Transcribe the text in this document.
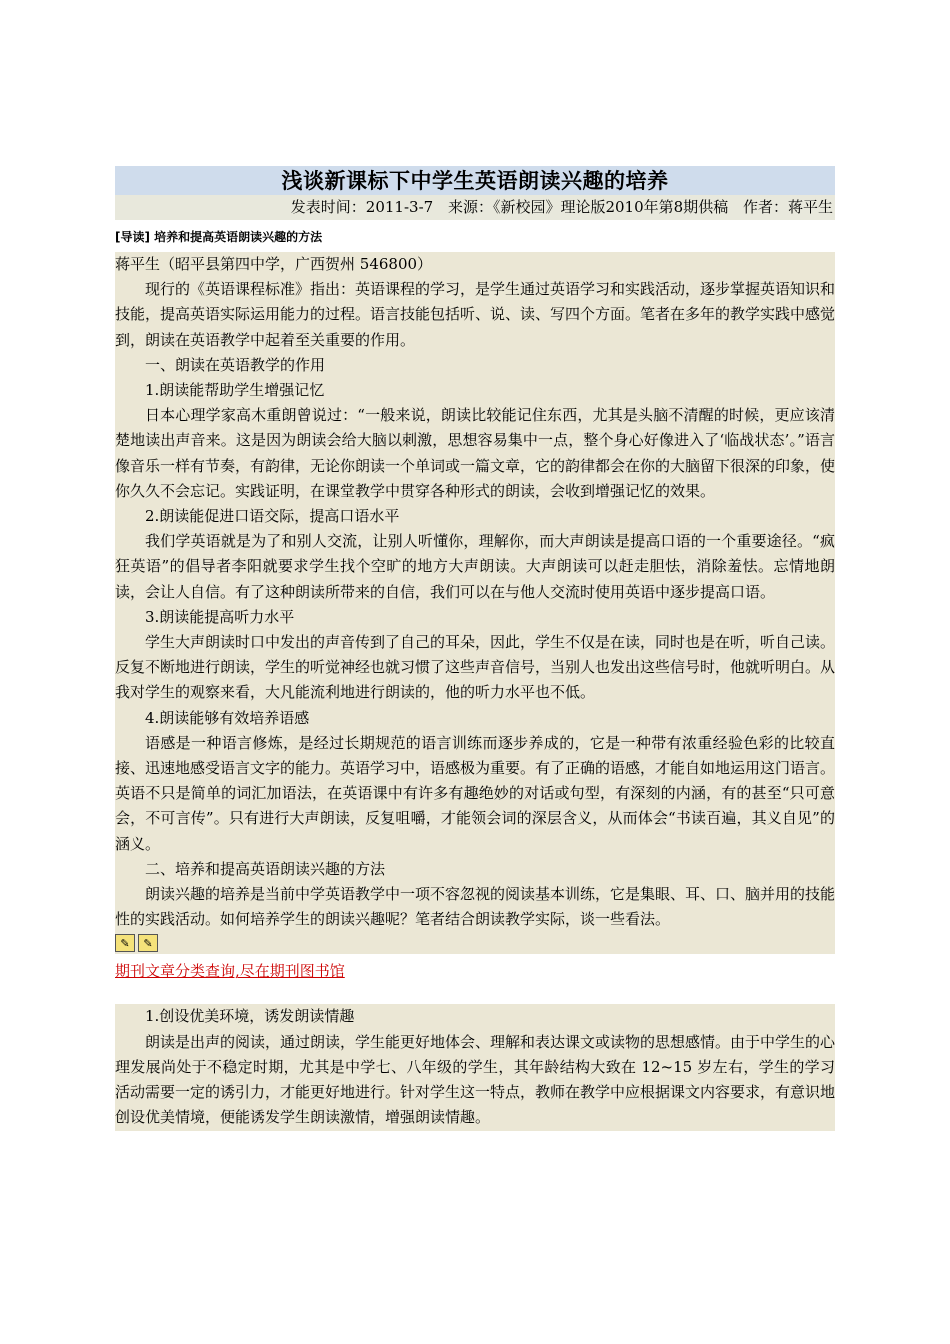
浅谈新课标下中学生英语朗读兴趣的培养
发表时间：2011-3-7 来源：《新校园》理论版2010年第8期供稿 作者：蒋平生
[导读] 培养和提高英语朗读兴趣的方法

蒋平生（昭平县第四中学，广西贺州 546800）

现行的《英语课程标准》指出：英语课程的学习，是学生通过英语学习和实践活动，逐步掌握英语知识和技能，提高英语实际运用能力的过程。语言技能包括听、说、读、写四个方面。笔者在多年的教学实践中感觉到，朗读在英语教学中起着至关重要的作用。

一、朗读在英语教学的作用

1.朗读能帮助学生增强记忆

日本心理学家高木重朗曾说过：“一般来说，朗读比较能记住东西，尤其是头脑不清醒的时候，更应该清楚地读出声音来。这是因为朗读会给大脑以刺激，思想容易集中一点，整个身心好像进入了‘临战状态’。”语言像音乐一样有节奏，有韵律，无论你朗读一个单词或一篇文章，它的韵律都会在你的大脑留下很深的印象，使你久久不会忘记。实践证明，在课堂教学中贯穿各种形式的朗读，会收到增强记忆的效果。

2.朗读能促进口语交际，提高口语水平

我们学英语就是为了和别人交流，让别人听懂你，理解你，而大声朗读是提高口语的一个重要途径。“疯狂英语”的倡导者李阳就要求学生找个空旷的地方大声朗读。大声朗读可以赶走胆怯，消除羞怯。忘情地朗读，会让人自信。有了这种朗读所带来的自信，我们可以在与他人交流时使用英语中逐步提高口语。

3.朗读能提高听力水平

学生大声朗读时口中发出的声音传到了自己的耳朵，因此，学生不仅是在读，同时也是在听，听自己读。反复不断地进行朗读，学生的听觉神经也就习惯了这些声音信号，当别人也发出这些信号时，他就听明白。从我对学生的观察来看，大凡能流利地进行朗读的，他的听力水平也不低。

4.朗读能够有效培养语感

语感是一种语言修炼，是经过长期规范的语言训练而逐步养成的，它是一种带有浓重经验色彩的比较直接、迅速地感受语言文字的能力。英语学习中，语感极为重要。有了正确的语感，才能自如地运用这门语言。英语不只是简单的词汇加语法，在英语课中有许多有趣绝妙的对话或句型，有深刻的内涵，有的甚至“只可意会，不可言传”。只有进行大声朗读，反复咀嚼，才能领会词的深层含义，从而体会“书读百遍，其义自见”的涵义。

二、培养和提高英语朗读兴趣的方法

朗读兴趣的培养是当前中学英语教学中一项不容忽视的阅读基本训练，它是集眼、耳、口、脑并用的技能性的实践活动。如何培养学生的朗读兴趣呢？笔者结合朗读教学实际，谈一些看法。

✎	✎
期刊文章分类查询,尽在期刊图书馆

1.创设优美环境，诱发朗读情趣

朗读是出声的阅读，通过朗读，学生能更好地体会、理解和表达课文或读物的思想感情。由于中学生的心理发展尚处于不稳定时期，尤其是中学七、八年级的学生，其年龄结构大致在 12~15 岁左右，学生的学习活动需要一定的诱引力，才能更好地进行。针对学生这一特点，教师在教学中应根据课文内容要求，有意识地创设优美情境，便能诱发学生朗读激情，增强朗读情趣。
